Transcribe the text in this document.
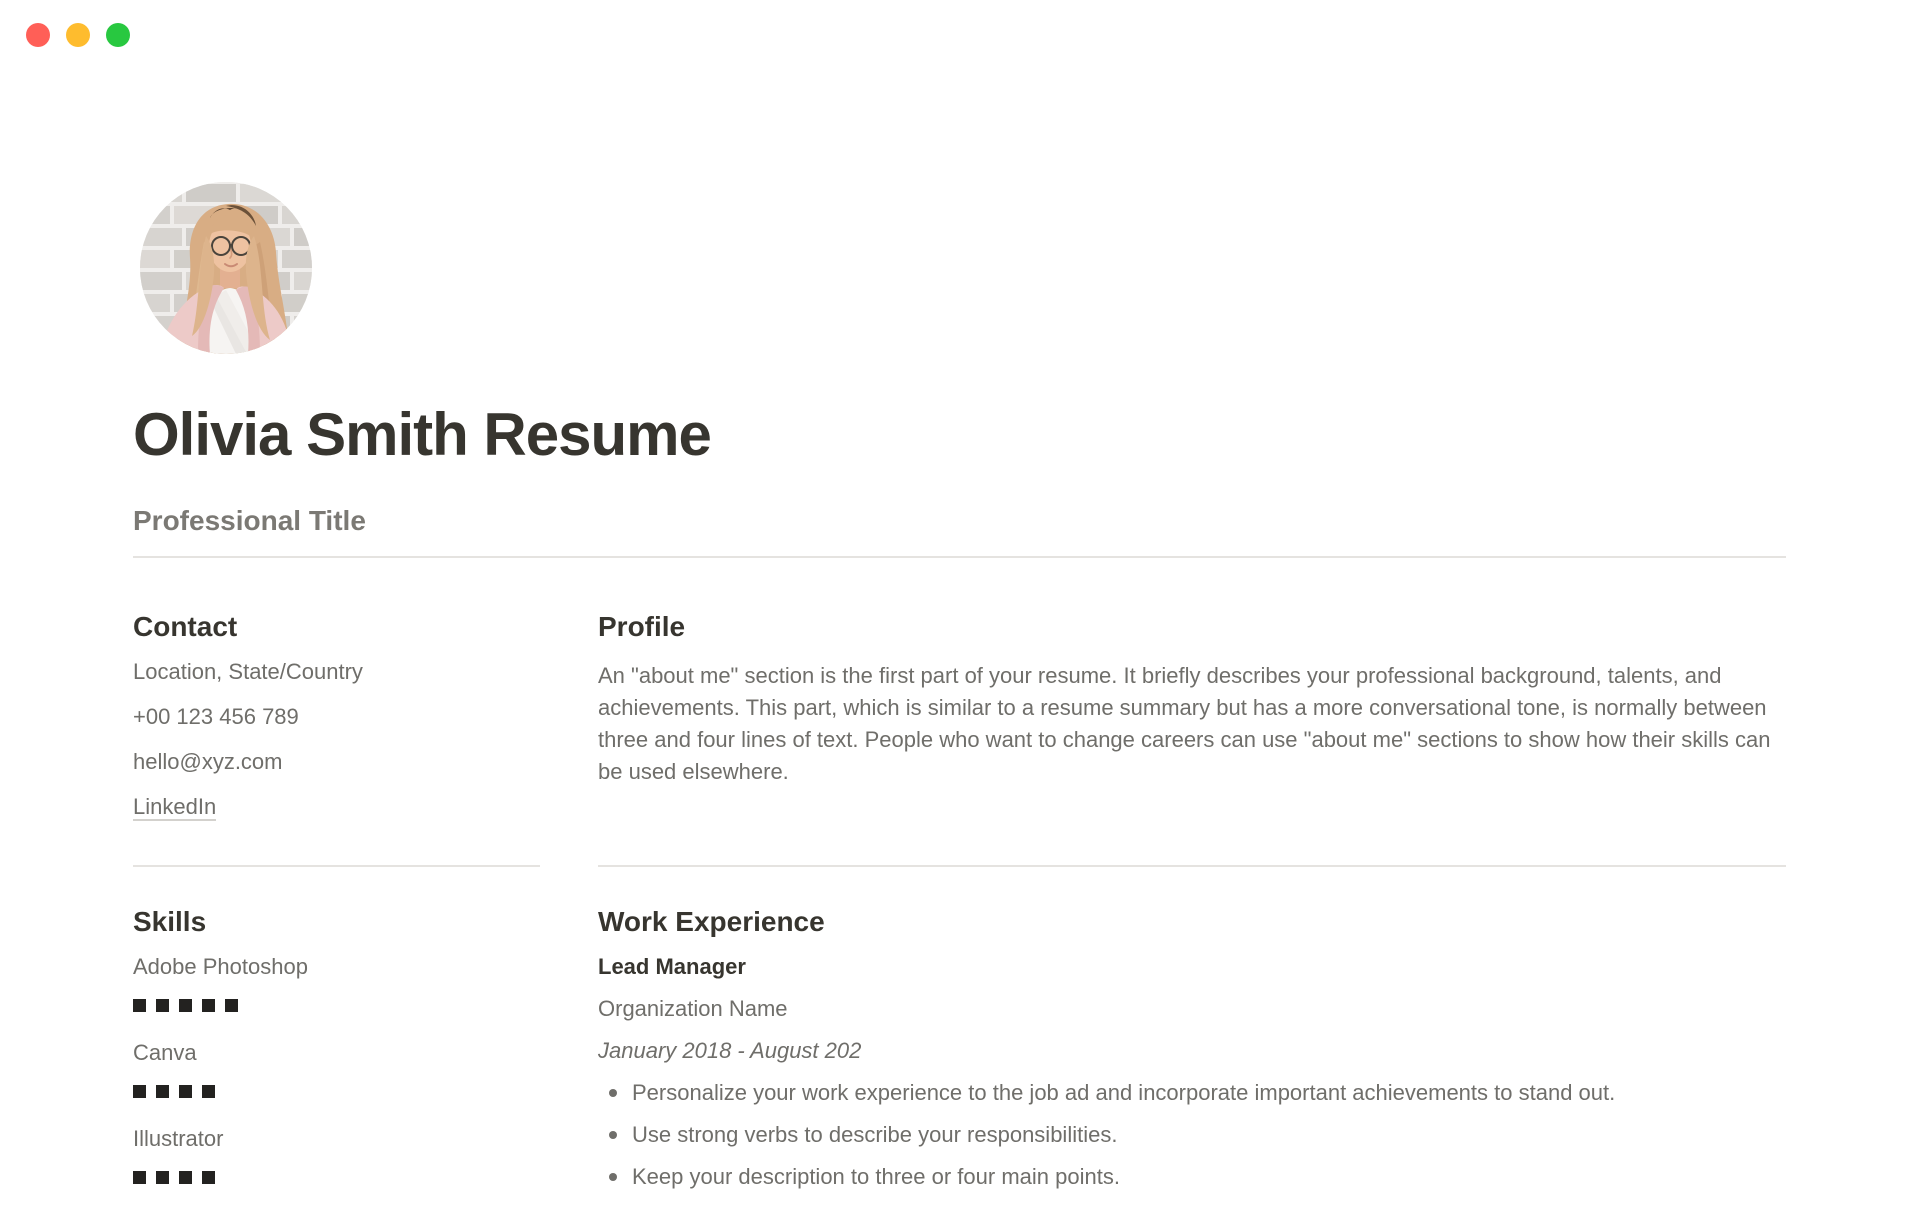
Olivia Smith Resume
Professional Title
Contact

Location, State/Country

+00 123 456 789

hello@xyz.com

LinkedIn

Profile

An "about me" section is the first part of your resume. It briefly describes your professional background, talents, and achievements. This part, which is similar to a resume summary but has a more conversational tone, is normally between three and four lines of text. People who want to change careers can use "about me" sections to show how their skills can be used elsewhere.

Skills

Adobe Photoshop

Canva

Illustrator

Work Experience

Lead Manager

Organization Name

January 2018 - August 202

Personalize your work experience to the job ad and incorporate important achievements to stand out.
Use strong verbs to describe your responsibilities.
Keep your description to three or four main points.
